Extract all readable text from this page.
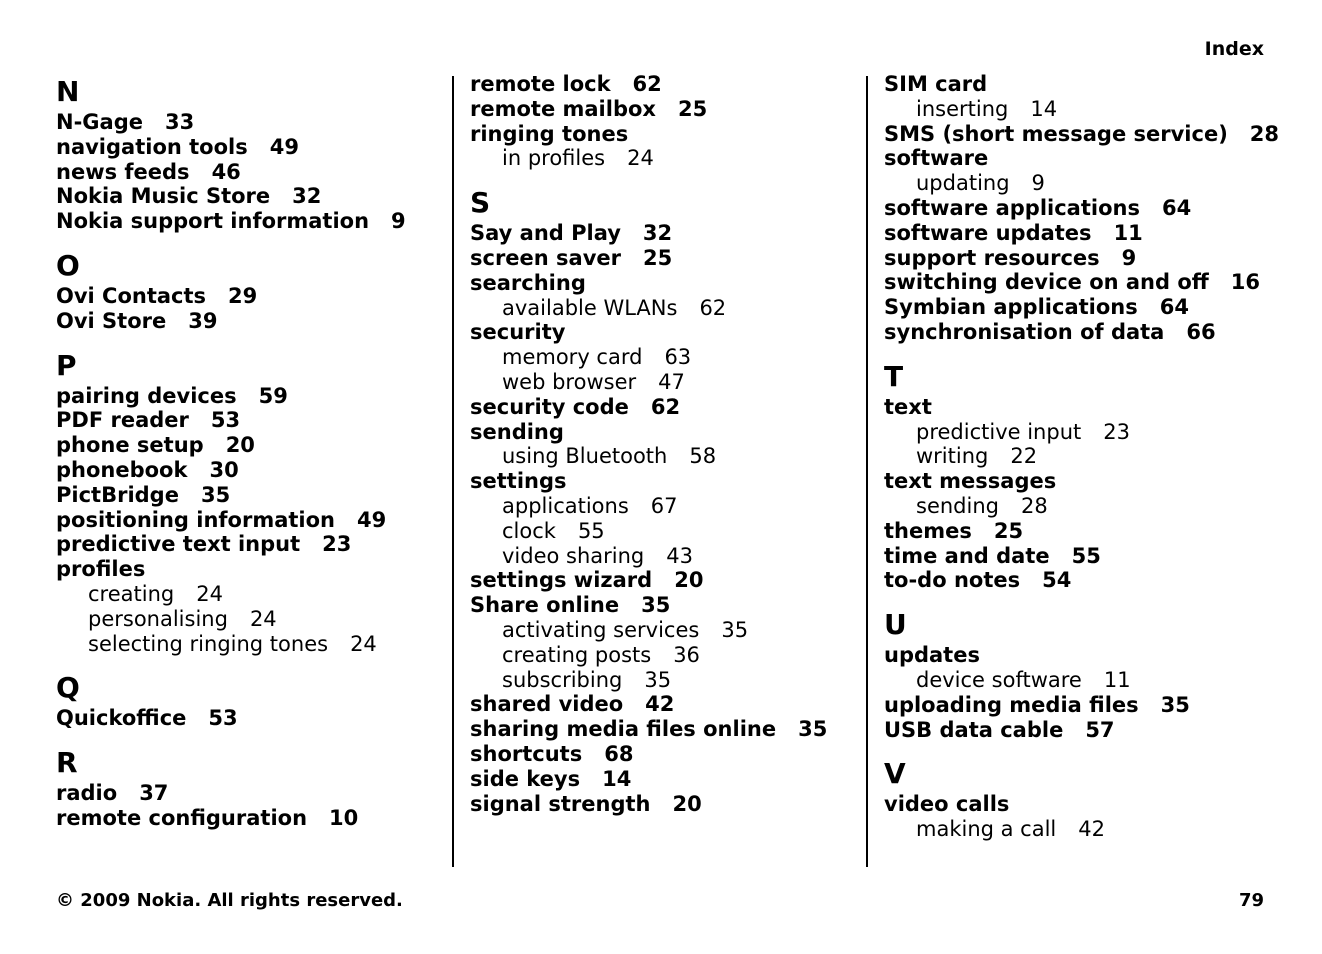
Index
N
N-Gage 33
navigation tools 49
news feeds 46
Nokia Music Store 32
Nokia support information 9
O
Ovi Contacts 29
Ovi Store 39
P
pairing devices 59
PDF reader 53
phone setup 20
phonebook 30
PictBridge 35
positioning information 49
predictive text input 23
profiles
creating 24
personalising 24
selecting ringing tones 24
Q
Quickoffice 53
R
radio 37
remote configuration 10
remote lock 62
remote mailbox 25
ringing tones
in profiles 24
S
Say and Play 32
screen saver 25
searching
available WLANs 62
security
memory card 63
web browser 47
security code 62
sending
using Bluetooth 58
settings
applications 67
clock 55
video sharing 43
settings wizard 20
Share online 35
activating services 35
creating posts 36
subscribing 35
shared video 42
sharing media files online 35
shortcuts 68
side keys 14
signal strength 20
SIM card
inserting 14
SMS (short message service) 28
software
updating 9
software applications 64
software updates 11
support resources 9
switching device on and off 16
Symbian applications 64
synchronisation of data 66
T
text
predictive input 23
writing 22
text messages
sending 28
themes 25
time and date 55
to-do notes 54
U
updates
device software 11
uploading media files 35
USB data cable 57
V
video calls
making a call 42
© 2009 Nokia. All rights reserved.	79
